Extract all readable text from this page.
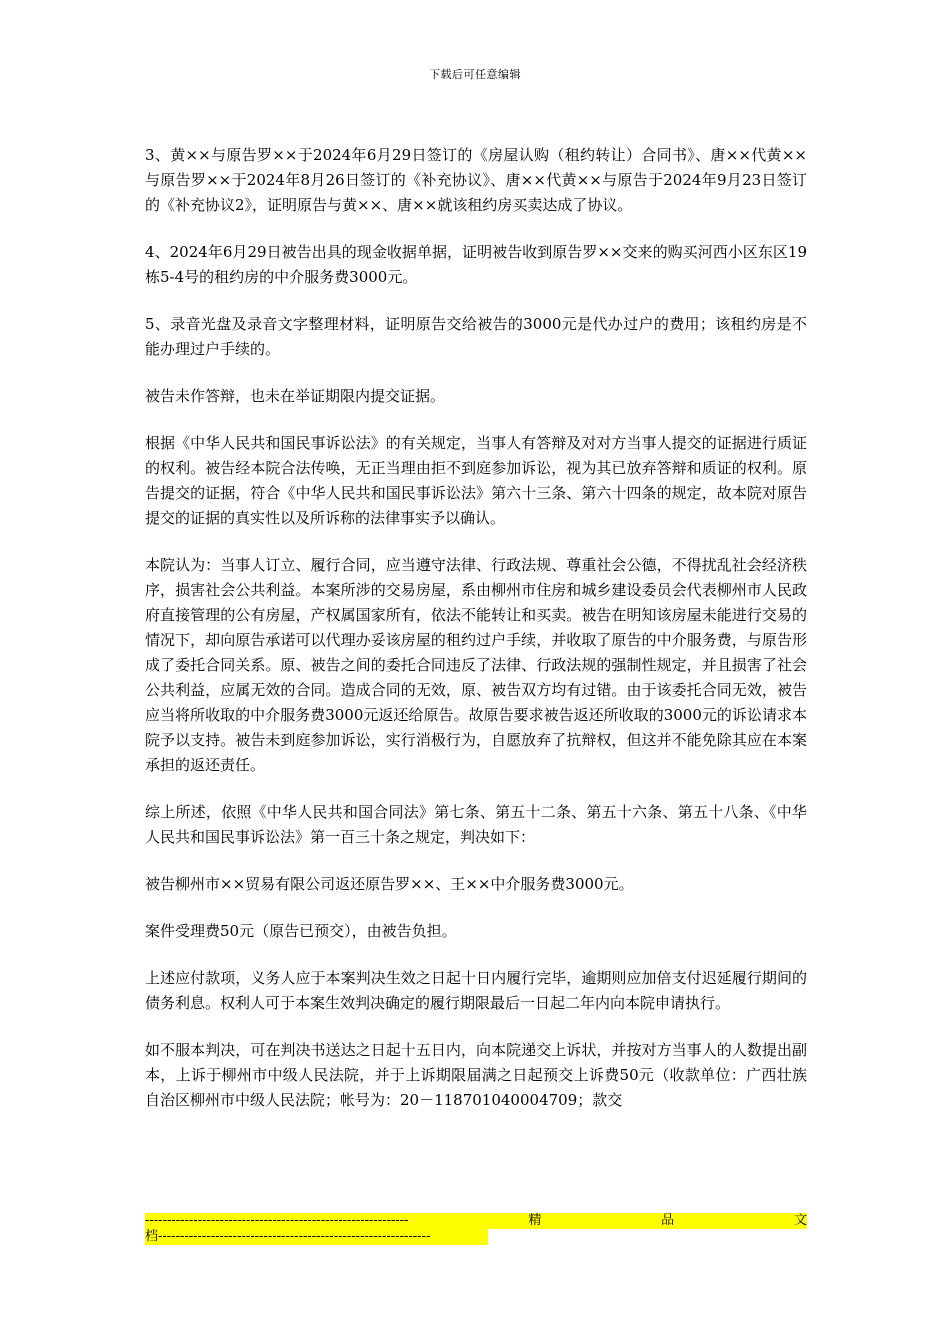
下载后可任意编辑

3、黄××与原告罗××于2024年6月29日签订的《房屋认购（租约转让）合同书》、唐××代黄××与原告罗××于2024年8月26日签订的《补充协议》、唐××代黄××与原告于2024年9月23日签订的《补充协议2》，证明原告与黄××、唐××就该租约房买卖达成了协议。

4、2024年6月29日被告出具的现金收据单据，证明被告收到原告罗××交来的购买河西小区东区19栋5-4号的租约房的中介服务费3000元。

5、录音光盘及录音文字整理材料，证明原告交给被告的3000元是代办过户的费用；该租约房是不能办理过户手续的。

被告未作答辩，也未在举证期限内提交证据。

根据《中华人民共和国民事诉讼法》的有关规定，当事人有答辩及对对方当事人提交的证据进行质证的权利。被告经本院合法传唤，无正当理由拒不到庭参加诉讼，视为其已放弃答辩和质证的权利。原告提交的证据，符合《中华人民共和国民事诉讼法》第六十三条、第六十四条的规定，故本院对原告提交的证据的真实性以及所诉称的法律事实予以确认。

本院认为：当事人订立、履行合同，应当遵守法律、行政法规、尊重社会公德，不得扰乱社会经济秩序，损害社会公共利益。本案所涉的交易房屋，系由柳州市住房和城乡建设委员会代表柳州市人民政府直接管理的公有房屋，产权属国家所有，依法不能转让和买卖。被告在明知该房屋未能进行交易的情况下，却向原告承诺可以代理办妥该房屋的租约过户手续，并收取了原告的中介服务费，与原告形成了委托合同关系。原、被告之间的委托合同违反了法律、行政法规的强制性规定，并且损害了社会公共利益，应属无效的合同。造成合同的无效，原、被告双方均有过错。由于该委托合同无效，被告应当将所收取的中介服务费3000元返还给原告。故原告要求被告返还所收取的3000元的诉讼请求本院予以支持。被告未到庭参加诉讼，实行消极行为，自愿放弃了抗辩权，但这并不能免除其应在本案承担的返还责任。

综上所述，依照《中华人民共和国合同法》第七条、第五十二条、第五十六条、第五十八条、《中华人民共和国民事诉讼法》第一百三十条之规定，判决如下：

被告柳州市××贸易有限公司返还原告罗××、王××中介服务费3000元。

案件受理费50元（原告已预交），由被告负担。

上述应付款项，义务人应于本案判决生效之日起十日内履行完毕，逾期则应加倍支付迟延履行期间的债务利息。权利人可于本案生效判决确定的履行期限最后一日起二年内向本院申请执行。

如不服本判决，可在判决书送达之日起十五日内，向本院递交上诉状，并按对方当事人的人数提出副本，上诉于柳州市中级人民法院，并于上诉期限届满之日起预交上诉费50元（收款单位：广西壮族自治区柳州市中级人民法院；帐号为：20－118701040004709；款交

------------------------------------------------------------	精	品	文
档--------------------------------------------------------------
